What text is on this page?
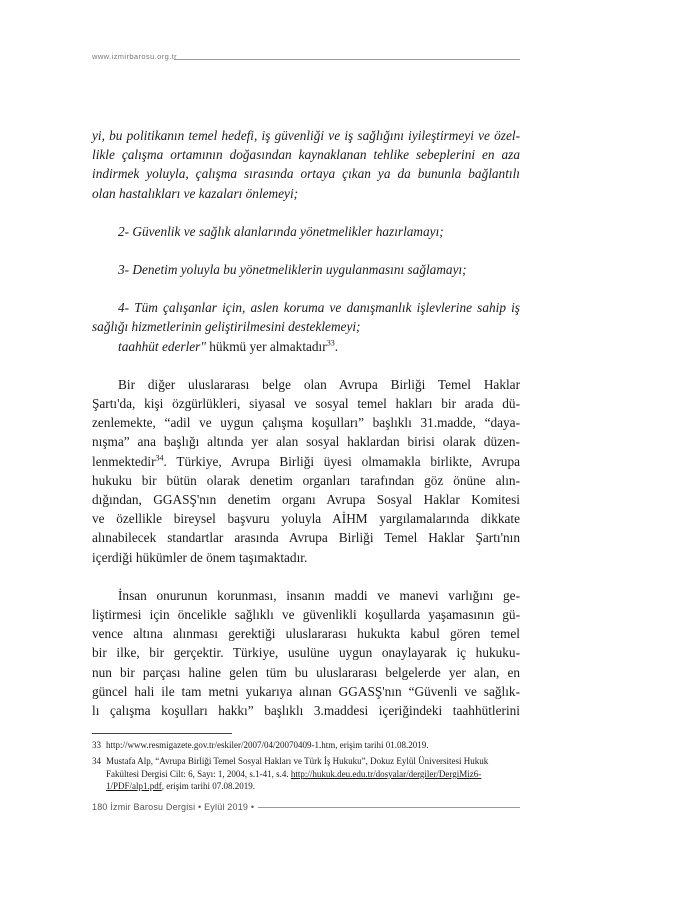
www.izmirbarosu.org.tr

yi, bu politikanın temel hedefi, iş güvenliği ve iş sağlığını iyileştirmeyi ve özel-

likle çalışma ortamının doğasından kaynaklanan tehlike sebeplerini en aza

indirmek yoluyla, çalışma sırasında ortaya çıkan ya da bununla bağlantılı

olan hastalıkları ve kazaları önlemeyi;

2- Güvenlik ve sağlık alanlarında yönetmelikler hazırlamayı;

3- Denetim yoluyla bu yönetmeliklerin uygulanmasını sağlamayı;

4- Tüm çalışanlar için, aslen koruma ve danışmanlık işlevlerine sahip iş

sağlığı hizmetlerinin geliştirilmesini desteklemeyi;

taahhüt ederler" hükmü yer almaktadır$^{33}$.

Bir diğer uluslararası belge olan Avrupa Birliği Temel Haklar

Şartı'da, kişi özgürlükleri, siyasal ve sosyal temel hakları bir arada dü-

zenlemekte, “adil ve uygun çalışma koşulları” başlıklı 31.madde, “daya-

nışma” ana başlığı altında yer alan sosyal haklardan birisi olarak düzen-

lenmektedir$^{34}$. Türkiye, Avrupa Birliği üyesi olmamakla birlikte, Avrupa

hukuku bir bütün olarak denetim organları tarafından göz önüne alın-

dığından, GGASŞ'nın denetim organı Avrupa Sosyal Haklar Komitesi

ve özellikle bireysel başvuru yoluyla AİHM yargılamalarında dikkate

alınabilecek standartlar arasında Avrupa Birliği Temel Haklar Şartı'nın

içerdiği hükümler de önem taşımaktadır.

İnsan onurunun korunması, insanın maddi ve manevi varlığını ge-

liştirmesi için öncelikle sağlıklı ve güvenlikli koşullarda yaşamasının gü-

vence altına alınması gerektiği uluslararası hukukta kabul gören temel

bir ilke, bir gerçektir. Türkiye, usulüne uygun onaylayarak iç hukuku-

nun bir parçası haline gelen tüm bu uluslararası belgelerde yer alan, en

güncel hali ile tam metni yukarıya alınan GGASŞ'nın “Güvenli ve sağlık-

lı çalışma koşulları hakkı” başlıklı 3.maddesi içeriğindeki taahhütlerini

33 http://www.resmigazete.gov.tr/eskiler/2007/04/20070409-1.htm, erişim tarihi 01.08.2019.

34 Mustafa Alp, “Avrupa Birliği Temel Sosyal Hakları ve Türk İş Hukuku”, Dokuz Eylül Üniversitesi Hukuk Fakültesi Dergisi Cilt: 6, Sayı: 1, 2004, s.1-41, s.4. http://hukuk.deu.edu.tr/dosyalar/dergiler/DergiMiz6-1/PDF/alp1.pdf, erişim tarihi 07.08.2019.

180 İzmir Barosu Dergisi • Eylül 2019 •
